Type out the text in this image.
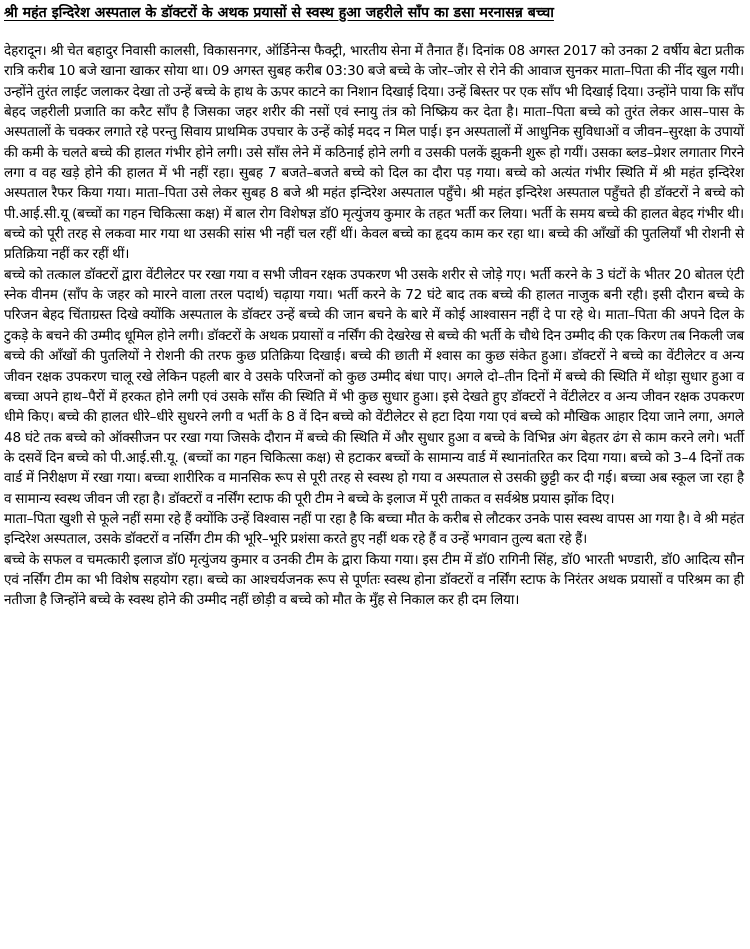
श्री महंत इन्दिरेश अस्पताल के डॉक्टरों के अथक प्रयासों से स्वस्थ हुआ जहरीले साँप का डसा मरनासन्न बच्चा

देहरादून। श्री चेत बहादुर निवासी कालसी, विकासनगर, ऑर्डिनेन्स फैक्ट्री, भारतीय सेना में तैनात हैं। दिनांक 08 अगस्त 2017 को उनका 2 वर्षीय बेटा प्रतीक रात्रि करीब 10 बजे खाना खाकर सोया था। 09 अगस्त सुबह करीब 03:30 बजे बच्चे के जोर–जोर से रोने की आवाज सुनकर माता–पिता की नींद खुल गयी। उन्होंने तुरंत लाईट जलाकर देखा तो उन्हें बच्चे के हाथ के ऊपर काटने का निशान दिखाई दिया। उन्हें बिस्तर पर एक साँप भी दिखाई दिया। उन्होंने पाया कि साँप बेहद जहरीली प्रजाति का करैट साँप है जिसका जहर शरीर की नसों एवं स्नायु तंत्र को निष्क्रिय कर देता है। माता–पिता बच्चे को तुरंत लेकर आस–पास के अस्पतालों के चक्कर लगाते रहे परन्तु सिवाय प्राथमिक उपचार के उन्हें कोई मदद न मिल पाई। इन अस्पतालों में आधुनिक सुविधाओं व जीवन–सुरक्षा के उपायों की कमी के चलते बच्चे की हालत गंभीर होने लगी। उसे साँस लेने में कठिनाई होने लगी व उसकी पलकें झुकनी शुरू हो गयीं। उसका ब्लड–प्रेशर लगातार गिरने लगा व वह खड़े होने की हालत में भी नहीं रहा। सुबह 7 बजते–बजते बच्चे को दिल का दौरा पड़ गया। बच्चे को अत्यंत गंभीर स्थिति में श्री महंत इन्दिरेश अस्पताल रैफर किया गया। माता–पिता उसे लेकर सुबह 8 बजे श्री महंत इन्दिरेश अस्पताल पहुँचे। श्री महंत इन्दिरेश अस्पताल पहुँचते ही डॉक्टरों ने बच्चे को पी.आई.सी.यू (बच्चों का गहन चिकित्सा कक्ष) में बाल रोग विशेषज्ञ डॉ0 मृत्युंजय कुमार के तहत भर्ती कर लिया। भर्ती के समय बच्चे की हालत बेहद गंभीर थी। बच्चे को पूरी तरह से लकवा मार गया था उसकी सांस भी नहीं चल रहीं थीं। केवल बच्चे का हृदय काम कर रहा था। बच्चे की आँखों की पुतलियाँ भी रोशनी से प्रतिक्रिया नहीं कर रहीं थीं।

बच्चे को तत्काल डॉक्टरों द्वारा वेंटीलेटर पर रखा गया व सभी जीवन रक्षक उपकरण भी उसके शरीर से जोड़े गए। भर्ती करने के 3 घंटों के भीतर 20 बोतल एंटी स्नेक वीनम (साँप के जहर को मारने वाला तरल पदार्थ) चढ़ाया गया। भर्ती करने के 72 घंटे बाद तक बच्चे की हालत नाजुक बनी रही। इसी दौरान बच्चे के परिजन बेहद चिंताग्रस्त दिखे क्योंकि अस्पताल के डॉक्टर उन्हें बच्चे की जान बचने के बारे में कोई आश्वासन नहीं दे पा रहे थे। माता–पिता की अपने दिल के टुकड़े के बचने की उम्मीद धूमिल होने लगी। डॉक्टरों के अथक प्रयासों व नर्सिंग की देखरेख से बच्चे की भर्ती के चौथे दिन उम्मीद की एक किरण तब निकली जब बच्चे की आँखों की पुतलियों ने रोशनी की तरफ कुछ प्रतिक्रिया दिखाई। बच्चे की छाती में श्वास का कुछ संकेत हुआ। डॉक्टरों ने बच्चे का वेंटीलेटर व अन्य जीवन रक्षक उपकरण चालू रखे लेकिन पहली बार वे उसके परिजनों को कुछ उम्मीद बंधा पाए। अगले दो–तीन दिनों में बच्चे की स्थिति में थोड़ा सुधार हुआ व बच्चा अपने हाथ–पैरों में हरकत होने लगी एवं उसके साँस की स्थिति में भी कुछ सुधार हुआ। इसे देखते हुए डॉक्टरों ने वेंटीलेटर व अन्य जीवन रक्षक उपकरण धीमे किए। बच्चे की हालत धीरे–धीरे सुधरने लगी व भर्ती के 8 वें दिन बच्चे को वेंटीलेटर से हटा दिया गया एवं बच्चे को मौखिक आहार दिया जाने लगा, अगले 48 घंटे तक बच्चे को ऑक्सीजन पर रखा गया जिसके दौरान में बच्चे की स्थिति में और सुधार हुआ व बच्चे के विभिन्न अंग बेहतर ढंग से काम करने लगे। भर्ती के दसवें दिन बच्चे को पी.आई.सी.यू. (बच्चों का गहन चिकित्सा कक्ष) से हटाकर बच्चों के सामान्य वार्ड में स्थानांतरित कर दिया गया। बच्चे को 3–4 दिनों तक वार्ड में निरीक्षण में रखा गया। बच्चा शारीरिक व मानसिक रूप से पूरी तरह से स्वस्थ हो गया व अस्पताल से उसकी छुट्टी कर दी गई। बच्चा अब स्कूल जा रहा है व सामान्य स्वस्थ जीवन जी रहा है। डॉक्टरों व नर्सिंग स्टाफ की पूरी टीम ने बच्चे के इलाज में पूरी ताकत व सर्वश्रेष्ठ प्रयास झोंक दिए।

माता–पिता खुशी से फूले नहीं समा रहे हैं क्योंकि उन्हें विश्वास नहीं पा रहा है कि बच्चा मौत के करीब से लौटकर उनके पास स्वस्थ वापस आ गया है। वे श्री महंत इन्दिरेश अस्पताल, उसके डॉक्टरों व नर्सिंग टीम की भूरि–भूरि प्रशंसा करते हुए नहीं थक रहे हैं व उन्हें भगवान तुल्य बता रहे हैं।

बच्चे के सफल व चमत्कारी इलाज डॉ0 मृत्युंजय कुमार व उनकी टीम के द्वारा किया गया। इस टीम में डॉ0 रागिनी सिंह, डॉ0 भारती भण्डारी, डॉ0 आदित्य सौन एवं नर्सिंग टीम का भी विशेष सहयोग रहा। बच्चे का आश्चर्यजनक रूप से पूर्णतः स्वस्थ होना डॉक्टरों व नर्सिंग स्टाफ के निरंतर अथक प्रयासों व परिश्रम का ही नतीजा है जिन्होंने बच्चे के स्वस्थ होने की उम्मीद नहीं छोड़ी व बच्चे को मौत के मुँह से निकाल कर ही दम लिया।
